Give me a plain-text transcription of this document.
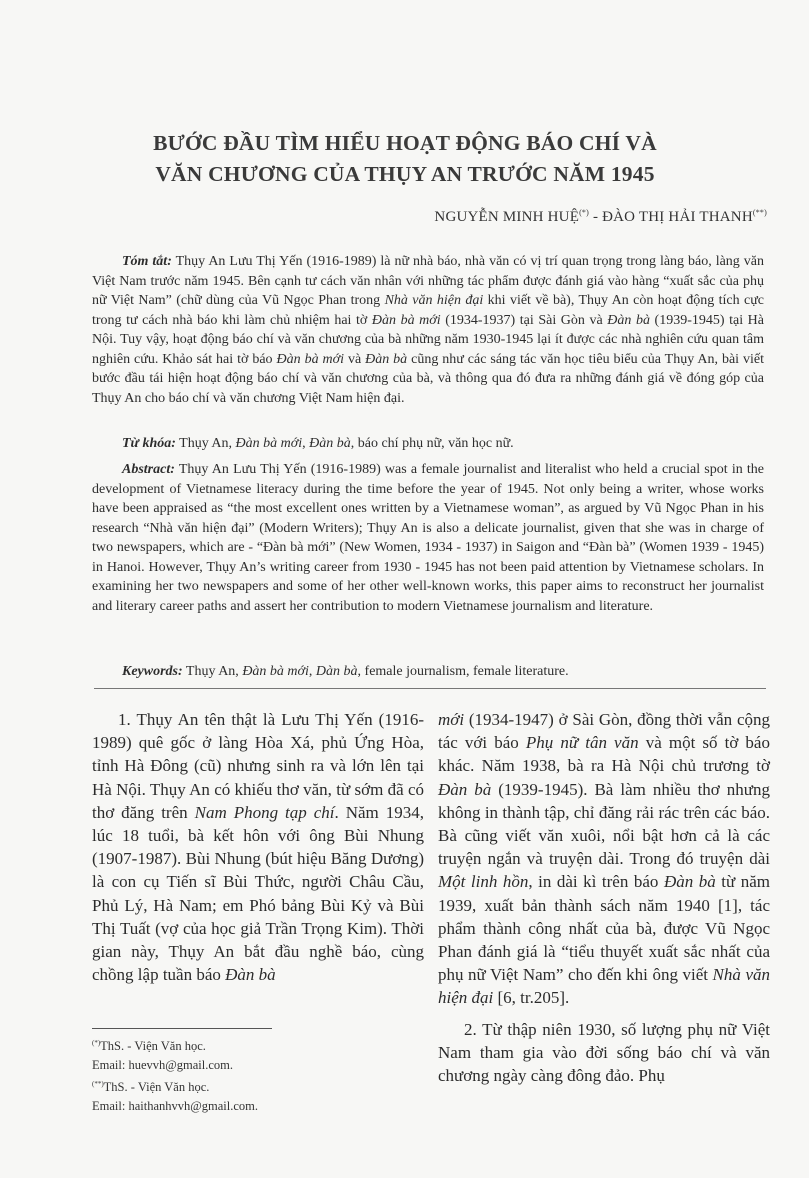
BƯỚC ĐẦU TÌM HIỂU HOẠT ĐỘNG BÁO CHÍ VÀ
VĂN CHƯƠNG CỦA THỤY AN TRƯỚC NĂM 1945
NGUYỄN MINH HUỆ(*) - ĐÀO THỊ HẢI THANH(**)

Tóm tắt: Thụy An Lưu Thị Yến (1916-1989) là nữ nhà báo, nhà văn có vị trí quan trọng trong làng báo, làng văn Việt Nam trước năm 1945. Bên cạnh tư cách văn nhân với những tác phẩm được đánh giá vào hàng “xuất sắc của phụ nữ Việt Nam” (chữ dùng của Vũ Ngọc Phan trong Nhà văn hiện đại khi viết về bà), Thụy An còn hoạt động tích cực trong tư cách nhà báo khi làm chủ nhiệm hai tờ Đàn bà mới (1934-1937) tại Sài Gòn và Đàn bà (1939-1945) tại Hà Nội. Tuy vậy, hoạt động báo chí và văn chương của bà những năm 1930-1945 lại ít được các nhà nghiên cứu quan tâm nghiên cứu. Khảo sát hai tờ báo Đàn bà mới và Đàn bà cũng như các sáng tác văn học tiêu biểu của Thụy An, bài viết bước đầu tái hiện hoạt động báo chí và văn chương của bà, và thông qua đó đưa ra những đánh giá về đóng góp của Thụy An cho báo chí và văn chương Việt Nam hiện đại.

Từ khóa: Thụy An, Đàn bà mới, Đàn bà, báo chí phụ nữ, văn học nữ.

Abstract: Thụy An Lưu Thị Yến (1916-1989) was a female journalist and literalist who held a crucial spot in the development of Vietnamese literacy during the time before the year of 1945. Not only being a writer, whose works have been appraised as “the most excellent ones written by a Vietnamese woman”, as argued by Vũ Ngọc Phan in his research “Nhà văn hiện đại” (Modern Writers); Thụy An is also a delicate journalist, given that she was in charge of two newspapers, which are - “Đàn bà mới” (New Women, 1934 - 1937) in Saigon and “Đàn bà” (Women 1939 - 1945) in Hanoi. However, Thụy An’s writing career from 1930 - 1945 has not been paid attention by Vietnamese scholars. In examining her two newspapers and some of her other well-known works, this paper aims to reconstruct her journalist and literary career paths and assert her contribution to modern Vietnamese journalism and literature.

Keywords: Thụy An, Đàn bà mới, Dàn bà, female journalism, female literature.

1. Thụy An tên thật là Lưu Thị Yến (1916-1989) quê gốc ở làng Hòa Xá, phủ Ứng Hòa, tỉnh Hà Đông (cũ) nhưng sinh ra và lớn lên tại Hà Nội. Thụy An có khiếu thơ văn, từ sớm đã có thơ đăng trên Nam Phong tạp chí. Năm 1934, lúc 18 tuổi, bà kết hôn với ông Bùi Nhung (1907-1987). Bùi Nhung (bút hiệu Băng Dương) là con cụ Tiến sĩ Bùi Thức, người Châu Cầu, Phủ Lý, Hà Nam; em Phó bảng Bùi Kỷ và Bùi Thị Tuất (vợ của học giả Trần Trọng Kim). Thời gian này, Thụy An bắt đầu nghề báo, cùng chồng lập tuần báo Đàn bà

mới (1934-1947) ở Sài Gòn, đồng thời vẫn cộng tác với báo Phụ nữ tân văn và một số tờ báo khác. Năm 1938, bà ra Hà Nội chủ trương tờ Đàn bà (1939-1945). Bà làm nhiều thơ nhưng không in thành tập, chỉ đăng rải rác trên các báo. Bà cũng viết văn xuôi, nổi bật hơn cả là các truyện ngắn và truyện dài. Trong đó truyện dài Một linh hồn, in dài kì trên báo Đàn bà từ năm 1939, xuất bản thành sách năm 1940 [1], tác phẩm thành công nhất của bà, được Vũ Ngọc Phan đánh giá là “tiểu thuyết xuất sắc nhất của phụ nữ Việt Nam” cho đến khi ông viết Nhà văn hiện đại [6, tr.205].

2. Từ thập niên 1930, số lượng phụ nữ Việt Nam tham gia vào đời sống báo chí và văn chương ngày càng đông đảo. Phụ

(*)ThS. - Viện Văn học.
Email: huevvh@gmail.com.
(**)ThS. - Viện Văn học.
Email: haithanhvvh@gmail.com.
